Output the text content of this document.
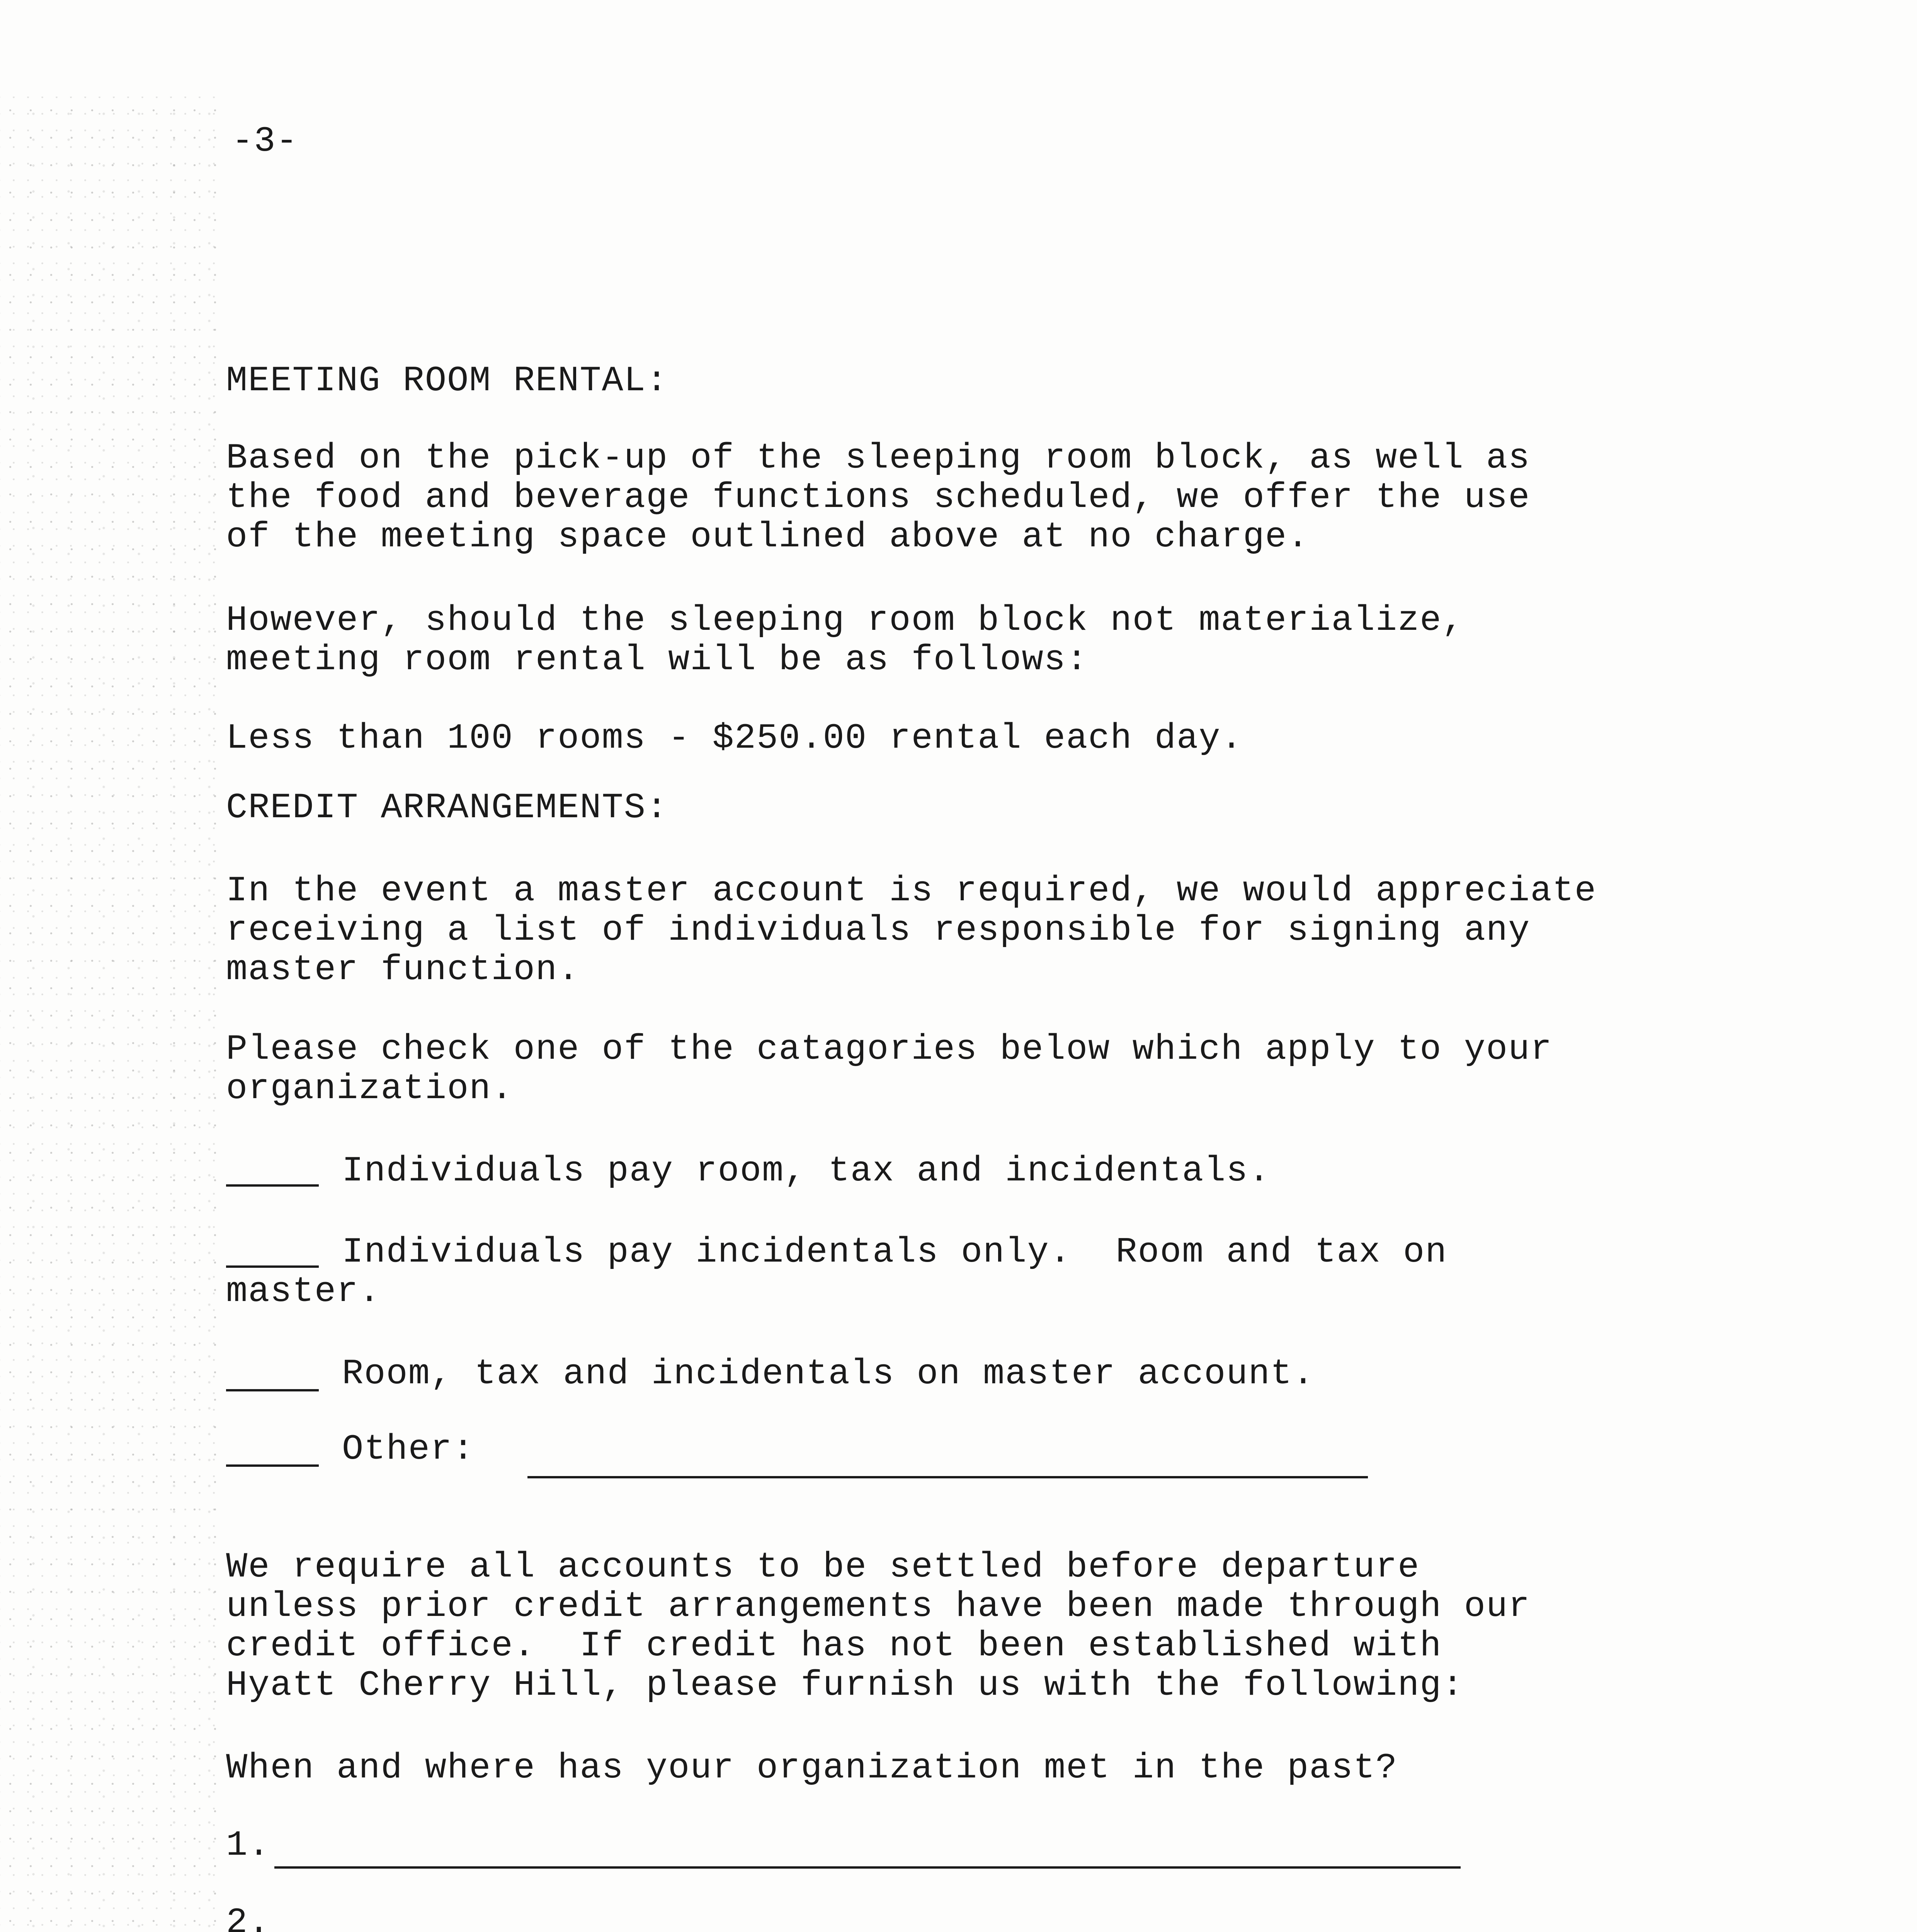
-3-
MEETING ROOM RENTAL:
Based on the pick-up of the sleeping room block, as well as
the food and beverage functions scheduled, we offer the use
of the meeting space outlined above at no charge.
However, should the sleeping room block not materialize,
meeting room rental will be as follows:
Less than 100 rooms - $250.00 rental each day.
CREDIT ARRANGEMENTS:
In the event a master account is required, we would appreciate
receiving a list of individuals responsible for signing any
master function.
Please check one of the catagories below which apply to your
organization.
Individuals pay room, tax and incidentals.
Individuals pay incidentals only.  Room and tax on
master.
Room, tax and incidentals on master account.
Other:
We require all accounts to be settled before departure
unless prior credit arrangements have been made through our
credit office.  If credit has not been established with
Hyatt Cherry Hill, please furnish us with the following:
When and where has your organization met in the past?
1.
2.
